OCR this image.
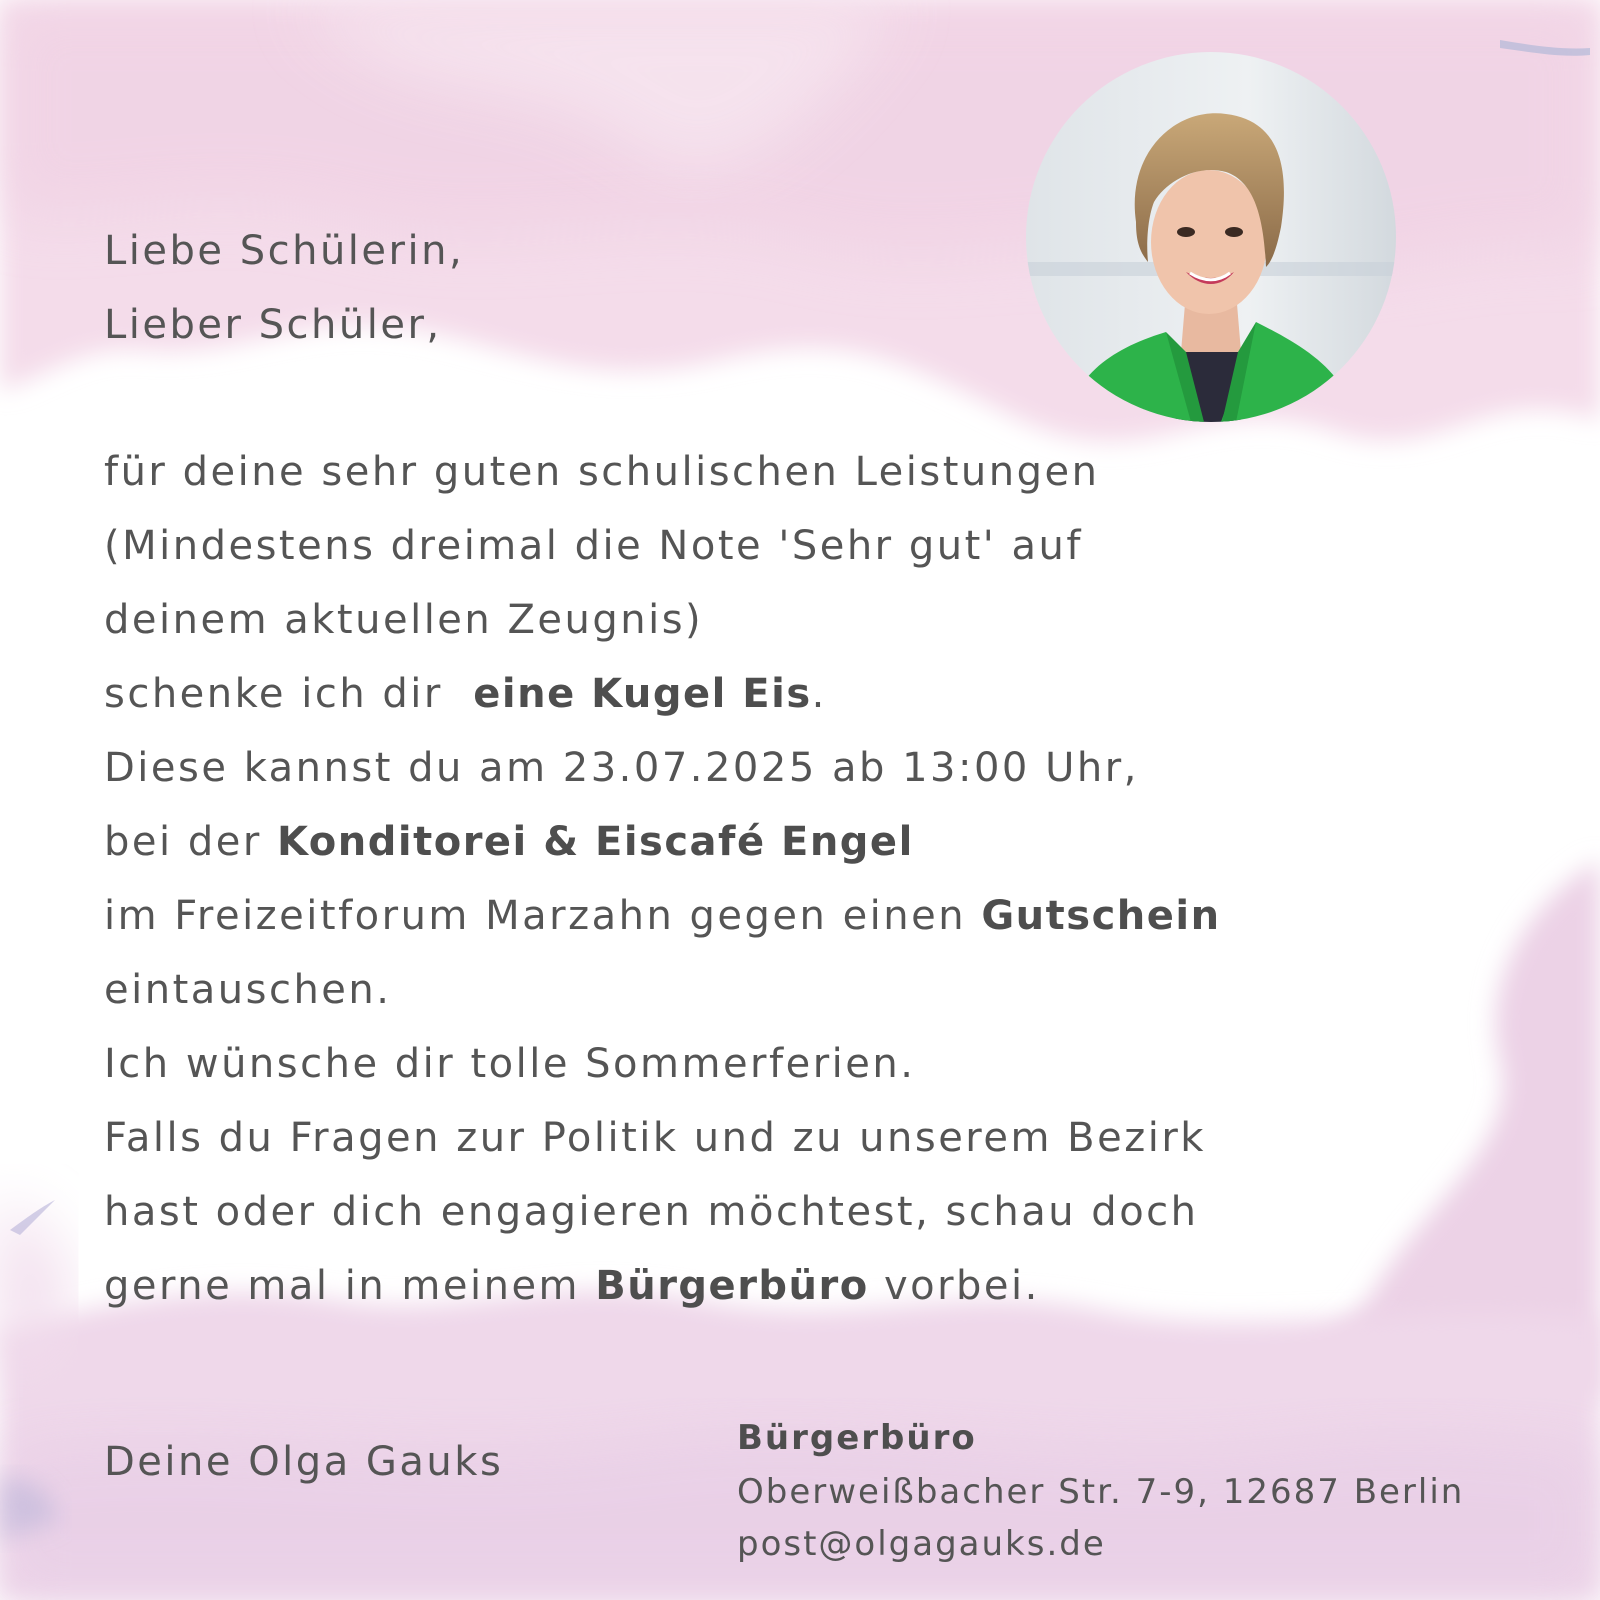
Liebe Schülerin,
Lieber Schüler,
für deine sehr guten schulischen Leistungen
(Mindestens dreimal die Note 'Sehr gut' auf
deinem aktuellen Zeugnis)
schenke ich dir  eine Kugel Eis.
Diese kannst du am 23.07.2025 ab 13:00 Uhr,
bei der Konditorei & Eiscafé Engel
im Freizeitforum Marzahn gegen einen Gutschein
eintauschen.
Ich wünsche dir tolle Sommerferien.
Falls du Fragen zur Politik und zu unserem Bezirk
hast oder dich engagieren möchtest, schau doch
gerne mal in meinem Bürgerbüro vorbei.
Deine Olga Gauks
Bürgerbüro
Oberweißbacher Str. 7-9, 12687 Berlin
post@olgagauks.de
